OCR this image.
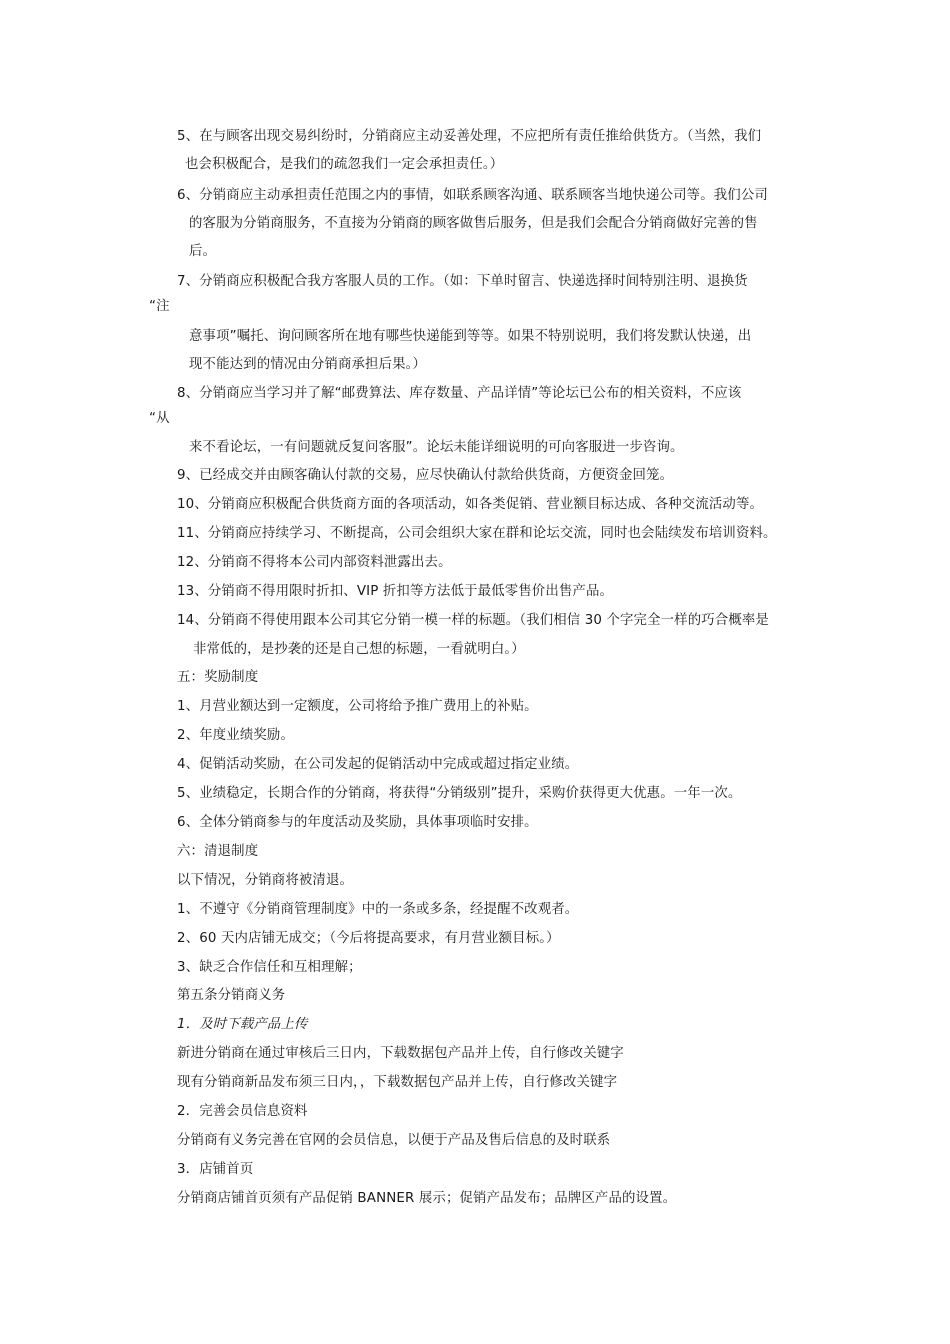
5、在与顾客出现交易纠纷时，分销商应主动妥善处理，不应把所有责任推给供货方。（当然，我们
也会积极配合，是我们的疏忽我们一定会承担责任。）
6、分销商应主动承担责任范围之内的事情，如联系顾客沟通、联系顾客当地快递公司等。我们公司
的客服为分销商服务，不直接为分销商的顾客做售后服务，但是我们会配合分销商做好完善的售
后。
7、分销商应积极配合我方客服人员的工作。（如：下单时留言、快递选择时间特别注明、退换货
“注
意事项”嘱托、询问顾客所在地有哪些快递能到等等。如果不特别说明，我们将发默认快递，出
现不能达到的情况由分销商承担后果。）
8、分销商应当学习并了解“邮费算法、库存数量、产品详情”等论坛已公布的相关资料，不应该
“从
来不看论坛，一有问题就反复问客服”。论坛未能详细说明的可向客服进一步咨询。
9、已经成交并由顾客确认付款的交易，应尽快确认付款给供货商，方便资金回笼。
10、分销商应积极配合供货商方面的各项活动，如各类促销、营业额目标达成、各种交流活动等。
11、分销商应持续学习、不断提高，公司会组织大家在群和论坛交流，同时也会陆续发布培训资料。
12、分销商不得将本公司内部资料泄露出去。
13、分销商不得用限时折扣、VIP 折扣等方法低于最低零售价出售产品。
14、分销商不得使用跟本公司其它分销一模一样的标题。（我们相信 30 个字完全一样的巧合概率是
非常低的，是抄袭的还是自己想的标题，一看就明白。）
五：奖励制度
1、月营业额达到一定额度，公司将给予推广费用上的补贴。
2、年度业绩奖励。
4、促销活动奖励，在公司发起的促销活动中完成或超过指定业绩。
5、业绩稳定，长期合作的分销商，将获得“分销级别”提升，采购价获得更大优惠。一年一次。
6、全体分销商参与的年度活动及奖励，具体事项临时安排。
六：清退制度
以下情况，分销商将被清退。
1、不遵守《分销商管理制度》中的一条或多条，经提醒不改观者。
2、60 天内店铺无成交；（今后将提高要求，有月营业额目标。）
3、缺乏合作信任和互相理解；
第五条分销商义务
1．及时下载产品上传
新进分销商在通过审核后三日内，下载数据包产品并上传，自行修改关键字
现有分销商新品发布须三日内，，下载数据包产品并上传，自行修改关键字
2．完善会员信息资料
分销商有义务完善在官网的会员信息，以便于产品及售后信息的及时联系
3．店铺首页
分销商店铺首页须有产品促销 BANNER 展示；促销产品发布；品牌区产品的设置。
